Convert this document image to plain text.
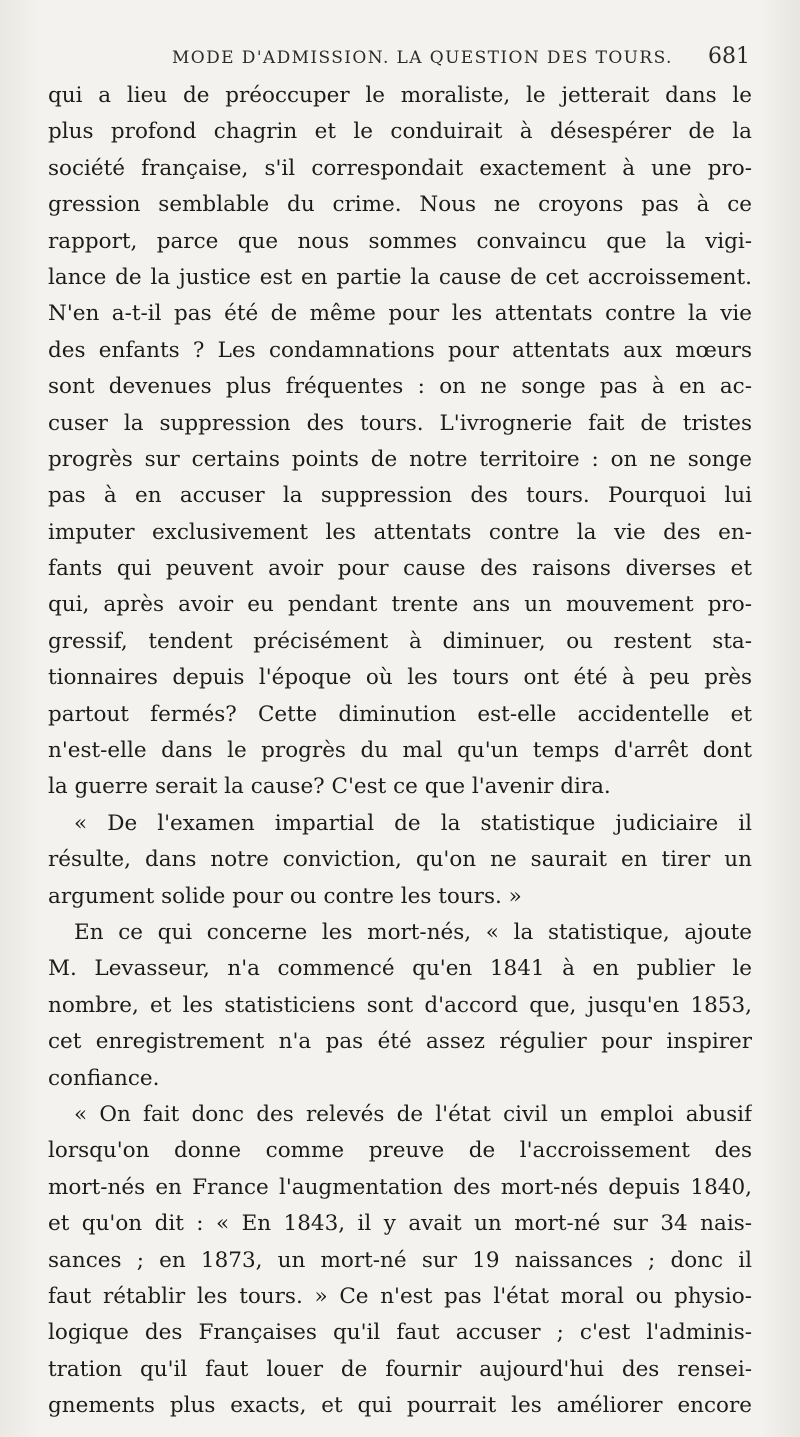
MODE D'ADMISSION. LA QUESTION DES TOURS. 681
qui a lieu de préoccuper le moraliste, le jetterait dans le
plus profond chagrin et le conduirait à désespérer de la
société française, s'il correspondait exactement à une pro-
gression semblable du crime. Nous ne croyons pas à ce
rapport, parce que nous sommes convaincu que la vigi-
lance de la justice est en partie la cause de cet accroissement.
N'en a-t-il pas été de même pour les attentats contre la vie
des enfants ? Les condamnations pour attentats aux mœurs
sont devenues plus fréquentes : on ne songe pas à en ac-
cuser la suppression des tours. L'ivrognerie fait de tristes
progrès sur certains points de notre territoire : on ne songe
pas à en accuser la suppression des tours. Pourquoi lui
imputer exclusivement les attentats contre la vie des en-
fants qui peuvent avoir pour cause des raisons diverses et
qui, après avoir eu pendant trente ans un mouvement pro-
gressif, tendent précisément à diminuer, ou restent sta-
tionnaires depuis l'époque où les tours ont été à peu près
partout fermés? Cette diminution est-elle accidentelle et
n'est-elle dans le progrès du mal qu'un temps d'arrêt dont
la guerre serait la cause? C'est ce que l'avenir dira.
« De l'examen impartial de la statistique judiciaire il
résulte, dans notre conviction, qu'on ne saurait en tirer un
argument solide pour ou contre les tours. »
En ce qui concerne les mort-nés, « la statistique, ajoute
M. Levasseur, n'a commencé qu'en 1841 à en publier le
nombre, et les statisticiens sont d'accord que, jusqu'en 1853,
cet enregistrement n'a pas été assez régulier pour inspirer
confiance.
« On fait donc des relevés de l'état civil un emploi abusif
lorsqu'on donne comme preuve de l'accroissement des
mort-nés en France l'augmentation des mort-nés depuis 1840,
et qu'on dit : « En 1843, il y avait un mort-né sur 34 nais-
sances ; en 1873, un mort-né sur 19 naissances ; donc il
faut rétablir les tours. » Ce n'est pas l'état moral ou physio-
logique des Françaises qu'il faut accuser ; c'est l'adminis-
tration qu'il faut louer de fournir aujourd'hui des rensei-
gnements plus exacts, et qui pourrait les améliorer encore
